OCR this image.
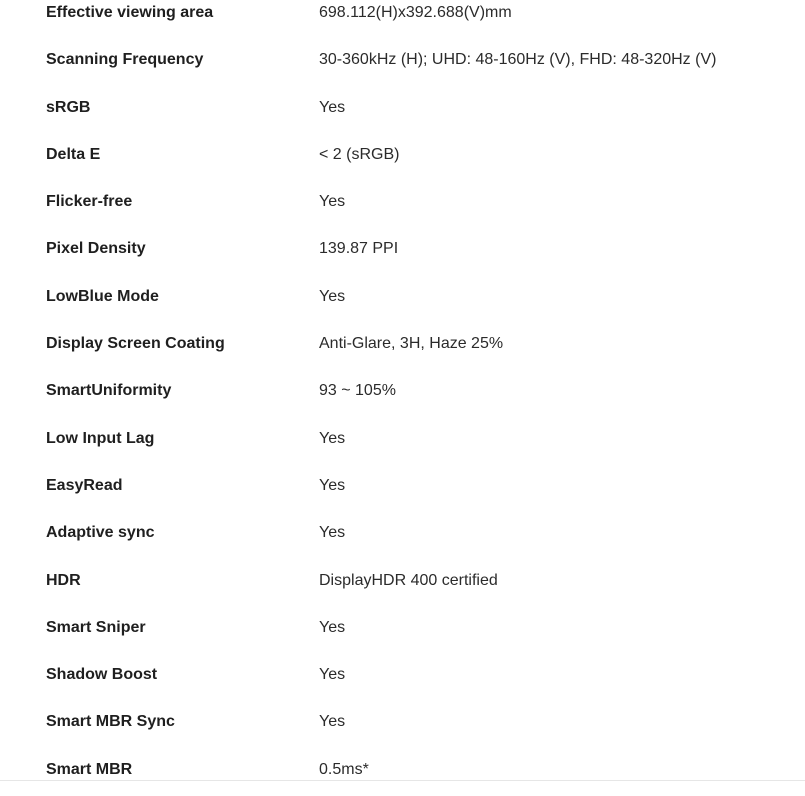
Effective viewing area	698.112(H)x392.688(V)mm
Scanning Frequency	30-360kHz (H); UHD: 48-160Hz (V), FHD: 48-320Hz (V)
sRGB	Yes
Delta E	< 2 (sRGB)
Flicker-free	Yes
Pixel Density	139.87 PPI
LowBlue Mode	Yes
Display Screen Coating	Anti-Glare, 3H, Haze 25%
SmartUniformity	93 ~ 105%
Low Input Lag	Yes
EasyRead	Yes
Adaptive sync	Yes
HDR	DisplayHDR 400 certified
Smart Sniper	Yes
Shadow Boost	Yes
Smart MBR Sync	Yes
Smart MBR	0.5ms*
